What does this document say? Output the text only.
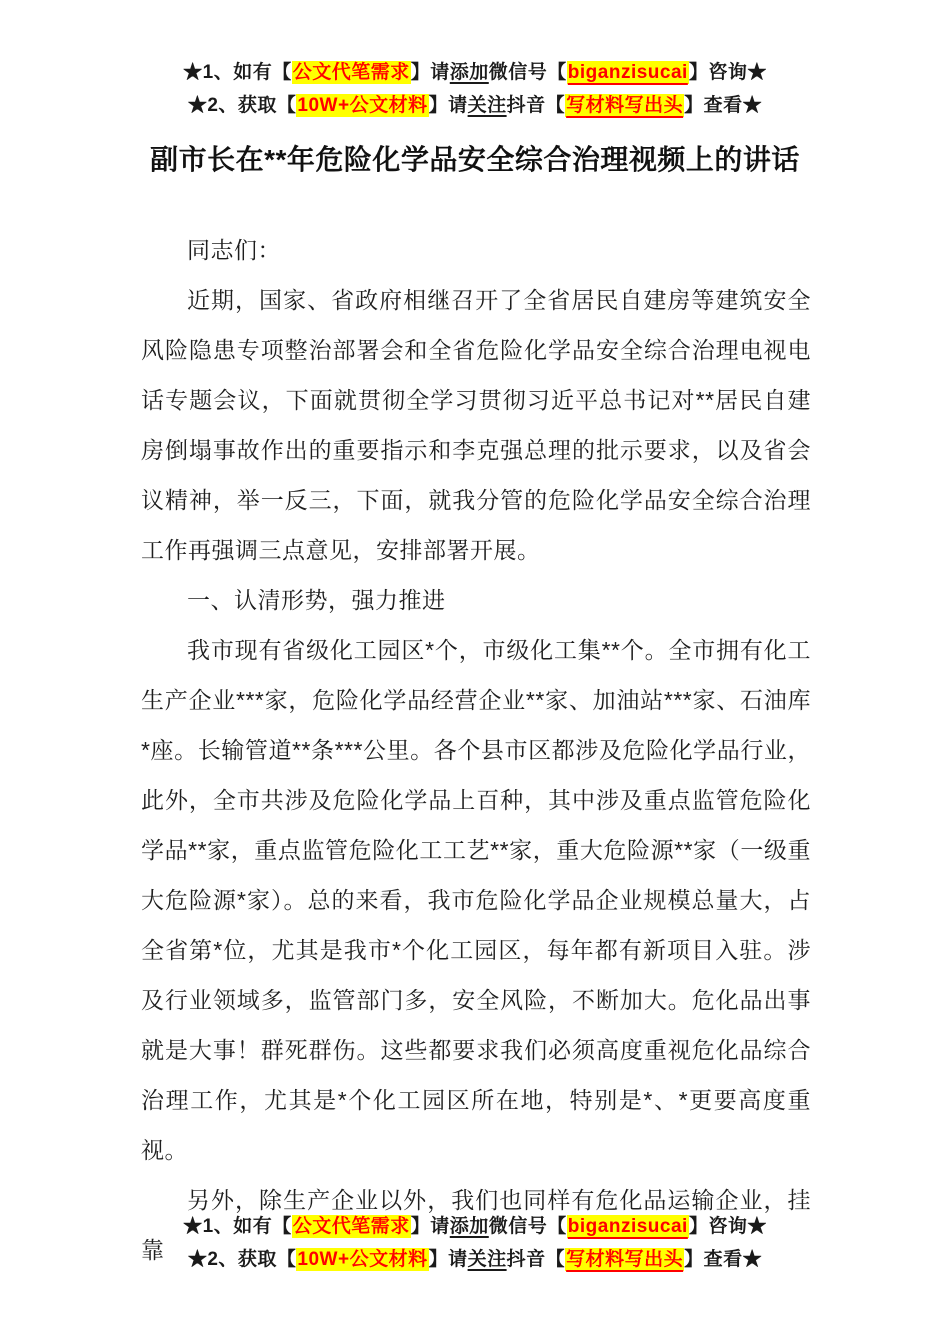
★1、如有【公文代笔需求】请添加微信号【biganzisucai】咨询★
★2、获取【10W+公文材料】请关注抖音【写材料写出头】查看★
副市长在**年危险化学品安全综合治理视频上的讲话

同志们：

近期，国家、省政府相继召开了全省居民自建房等建筑安全风险隐患专项整治部署会和全省危险化学品安全综合治理电视电话专题会议，下面就贯彻全学习贯彻习近平总书记对**居民自建房倒塌事故作出的重要指示和李克强总理的批示要求，以及省会议精神，举一反三，下面，就我分管的危险化学品安全综合治理工作再强调三点意见，安排部署开展。

一、认清形势，强力推进

我市现有省级化工园区*个，市级化工集**个。全市拥有化工生产企业***家，危险化学品经营企业**家、加油站***家、石油库*座。长输管道**条***公里。各个县市区都涉及危险化学品行业，此外，全市共涉及危险化学品上百种，其中涉及重点监管危险化学品**家，重点监管危险化工工艺**家，重大危险源**家（一级重大危险源*家）。总的来看，我市危险化学品企业规模总量大，占全省第*位，尤其是我市*个化工园区，每年都有新项目入驻。涉及行业领域多，监管部门多，安全风险，不断加大。危化品出事就是大事！群死群伤。这些都要求我们必须高度重视危化品综合治理工作，尤其是*个化工园区所在地，特别是*、*更要高度重视。

另外，除生产企业以外，我们也同样有危化品运输企业，挂靠

★1、如有【公文代笔需求】请添加微信号【biganzisucai】咨询★
★2、获取【10W+公文材料】请关注抖音【写材料写出头】查看★
